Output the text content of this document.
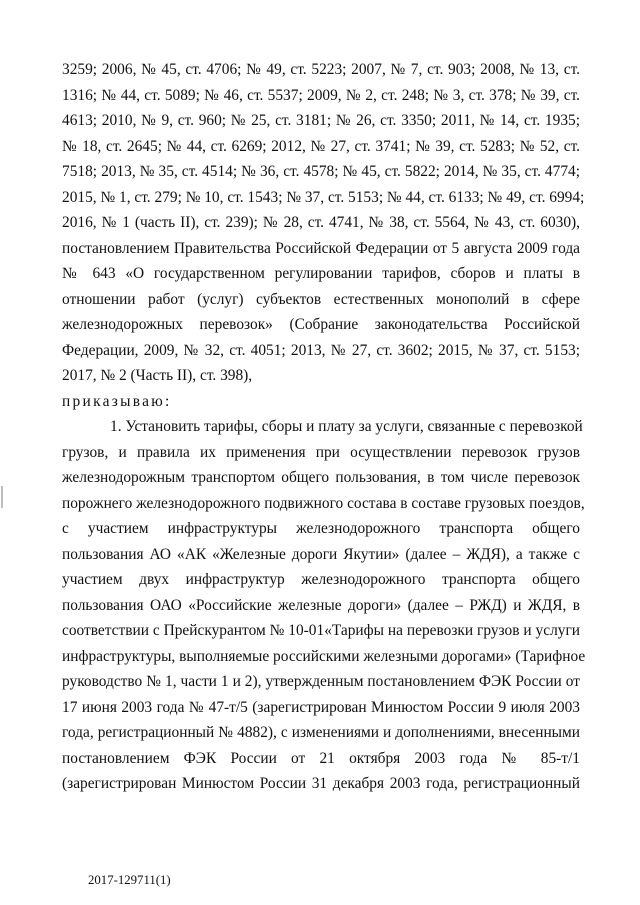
3259; 2006, № 45, ст. 4706; № 49, ст. 5223; 2007, № 7, ст. 903; 2008, № 13, ст.
1316; № 44, ст. 5089; № 46, ст. 5537; 2009, № 2, ст. 248; № 3, ст. 378; № 39, ст.
4613; 2010, № 9, ст. 960; № 25, ст. 3181; № 26, ст. 3350; 2011, № 14, ст. 1935;
№ 18, ст. 2645; № 44, ст. 6269; 2012, № 27, ст. 3741; № 39, ст. 5283; № 52, ст.
7518; 2013, № 35, ст. 4514; № 36, ст. 4578; № 45, ст. 5822; 2014, № 35, ст. 4774;
2015, № 1, ст. 279; № 10, ст. 1543; № 37, ст. 5153; № 44, ст. 6133; № 49, ст. 6994;
2016, № 1 (часть II), ст. 239); № 28, ст. 4741, № 38, ст. 5564, № 43, ст. 6030),
постановлением Правительства Российской Федерации от 5 августа 2009 года
№ 643 «О государственном регулировании тарифов, сборов и платы в
отношении работ (услуг) субъектов естественных монополий в сфере
железнодорожных перевозок» (Собрание законодательства Российской
Федерации, 2009, № 32, ст. 4051; 2013, № 27, ст. 3602; 2015, № 37, ст. 5153;
2017, № 2 (Часть II), ст. 398),
приказываю:
1. Установить тарифы, сборы и плату за услуги, связанные с перевозкой
грузов, и правила их применения при осуществлении перевозок грузов
железнодорожным транспортом общего пользования, в том числе перевозок
порожнего железнодорожного подвижного состава в составе грузовых поездов,
с участием инфраструктуры железнодорожного транспорта общего
пользования АО «АК «Железные дороги Якутии» (далее – ЖДЯ), а также с
участием двух инфраструктур железнодорожного транспорта общего
пользования ОАО «Российские железные дороги» (далее – РЖД) и ЖДЯ, в
соответствии с Прейскурантом № 10-01«Тарифы на перевозки грузов и услуги
инфраструктуры, выполняемые российскими железными дорогами» (Тарифное
руководство № 1, части 1 и 2), утвержденным постановлением ФЭК России от
17 июня 2003 года № 47-т/5 (зарегистрирован Минюстом России 9 июля 2003
года, регистрационный № 4882), с изменениями и дополнениями, внесенными
постановлением ФЭК России от 21 октября 2003 года № 85-т/1
(зарегистрирован Минюстом России 31 декабря 2003 года, регистрационный
2017-129711(1)
